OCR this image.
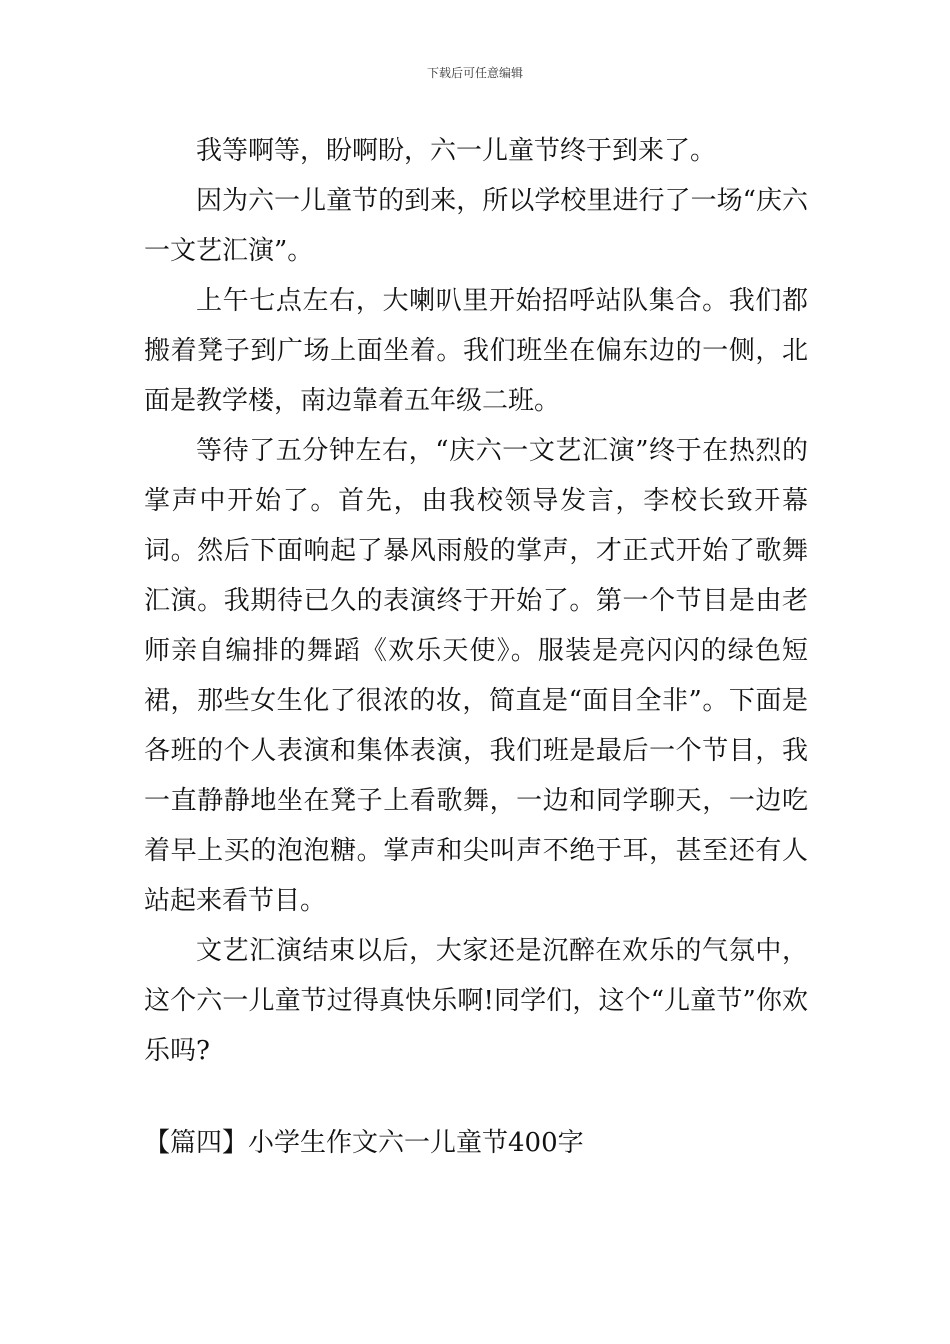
下载后可任意编辑

我等啊等，盼啊盼，六一儿童节终于到来了。

因为六一儿童节的到来，所以学校里进行了一场“庆六一文艺汇演”。

上午七点左右，大喇叭里开始招呼站队集合。我们都搬着凳子到广场上面坐着。我们班坐在偏东边的一侧，北面是教学楼，南边靠着五年级二班。

等待了五分钟左右，“庆六一文艺汇演”终于在热烈的掌声中开始了。首先，由我校领导发言，李校长致开幕词。然后下面响起了暴风雨般的掌声，才正式开始了歌舞汇演。我期待已久的表演终于开始了。第一个节目是由老师亲自编排的舞蹈《欢乐天使》。服装是亮闪闪的绿色短裙，那些女生化了很浓的妆，简直是“面目全非”。下面是各班的个人表演和集体表演，我们班是最后一个节目，我一直静静地坐在凳子上看歌舞，一边和同学聊天，一边吃着早上买的泡泡糖。掌声和尖叫声不绝于耳，甚至还有人站起来看节目。

文艺汇演结束以后，大家还是沉醉在欢乐的气氛中，这个六一儿童节过得真快乐啊!同学们，这个“儿童节”你欢乐吗?

【篇四】小学生作文六一儿童节400字
